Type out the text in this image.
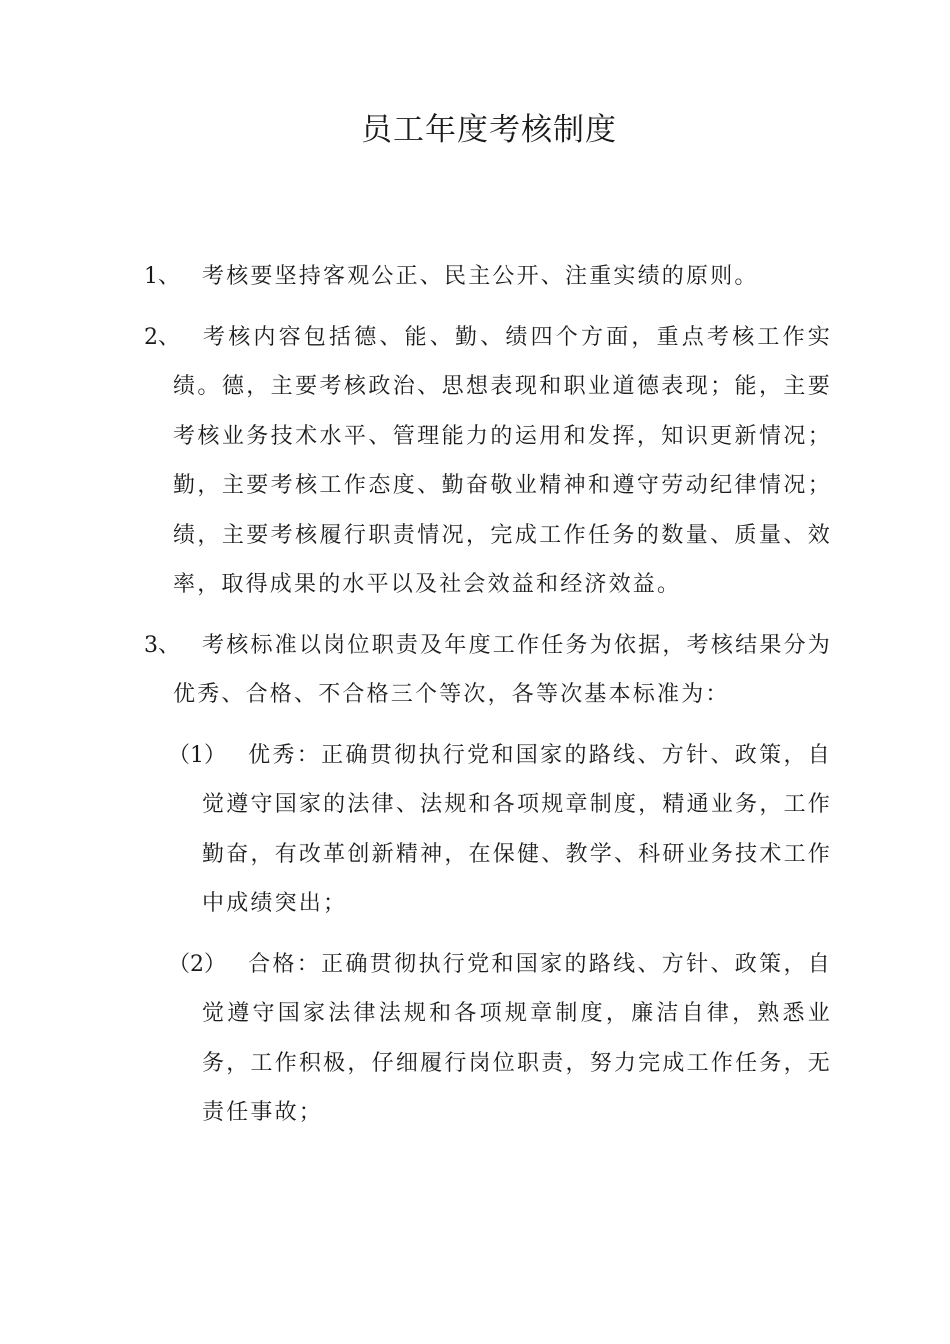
员工年度考核制度
1、 考核要坚持客观公正、民主公开、注重实绩的原则。
2、 考核内容包括德、能、勤、绩四个方面，重点考核工作实绩。德，主要考核政治、思想表现和职业道德表现；能，主要考核业务技术水平、管理能力的运用和发挥，知识更新情况；勤，主要考核工作态度、勤奋敬业精神和遵守劳动纪律情况；绩，主要考核履行职责情况，完成工作任务的数量、质量、效率，取得成果的水平以及社会效益和经济效益。
3、 考核标准以岗位职责及年度工作任务为依据，考核结果分为优秀、合格、不合格三个等次，各等次基本标准为：
（1） 优秀：正确贯彻执行党和国家的路线、方针、政策，自觉遵守国家的法律、法规和各项规章制度，精通业务，工作勤奋，有改革创新精神，在保健、教学、科研业务技术工作中成绩突出；
（2） 合格：正确贯彻执行党和国家的路线、方针、政策，自觉遵守国家法律法规和各项规章制度，廉洁自律，熟悉业务，工作积极，仔细履行岗位职责，努力完成工作任务，无责任事故；
